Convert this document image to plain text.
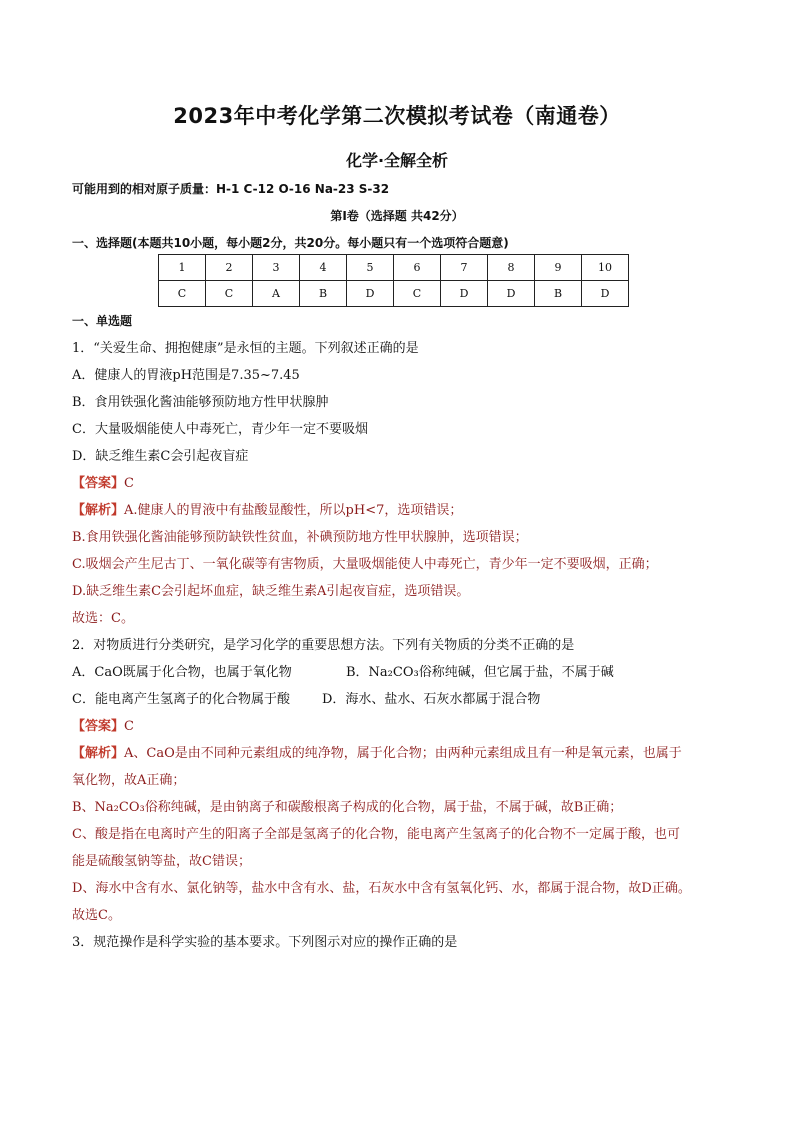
2023年中考化学第二次模拟考试卷（南通卷）
化学·全解全析
可能用到的相对原子质量：H-1 C-12 O-16 Na-23 S-32
第Ⅰ卷（选择题 共42分）
一、选择题(本题共10小题，每小题2分，共20分。每小题只有一个选项符合题意)
1	2	3	4	5	6	7	8	9	10
C	C	A	B	D	C	D	D	B	D
一、单选题
1．“关爱生命、拥抱健康”是永恒的主题。下列叙述正确的是
A．健康人的胃液pH范围是7.35~7.45
B．食用铁强化酱油能够预防地方性甲状腺肿
C．大量吸烟能使人中毒死亡，青少年一定不要吸烟
D．缺乏维生素C会引起夜盲症
【答案】C
【解析】A.健康人的胃液中有盐酸显酸性，所以pH<7，选项错误；
B.食用铁强化酱油能够预防缺铁性贫血，补碘预防地方性甲状腺肿，选项错误；
C.吸烟会产生尼古丁、一氧化碳等有害物质，大量吸烟能使人中毒死亡，青少年一定不要吸烟，正确；
D.缺乏维生素C会引起坏血症，缺乏维生素A引起夜盲症，选项错误。
故选：C。
2．对物质进行分类研究，是学习化学的重要思想方法。下列有关物质的分类不正确的是
A．CaO既属于化合物，也属于氧化物	B．Na₂CO₃俗称纯碱，但它属于盐，不属于碱
C．能电离产生氢离子的化合物属于酸 D．海水、盐水、石灰水都属于混合物
【答案】C
【解析】A、CaO是由不同种元素组成的纯净物，属于化合物；由两种元素组成且有一种是氧元素，也属于
氧化物，故A正确；
B、Na₂CO₃俗称纯碱，是由钠离子和碳酸根离子构成的化合物，属于盐，不属于碱，故B正确；
C、酸是指在电离时产生的阳离子全部是氢离子的化合物，能电离产生氢离子的化合物不一定属于酸，也可
能是硫酸氢钠等盐，故C错误；
D、海水中含有水、氯化钠等，盐水中含有水、盐，石灰水中含有氢氧化钙、水，都属于混合物，故D正确。
故选C。
3．规范操作是科学实验的基本要求。下列图示对应的操作正确的是
